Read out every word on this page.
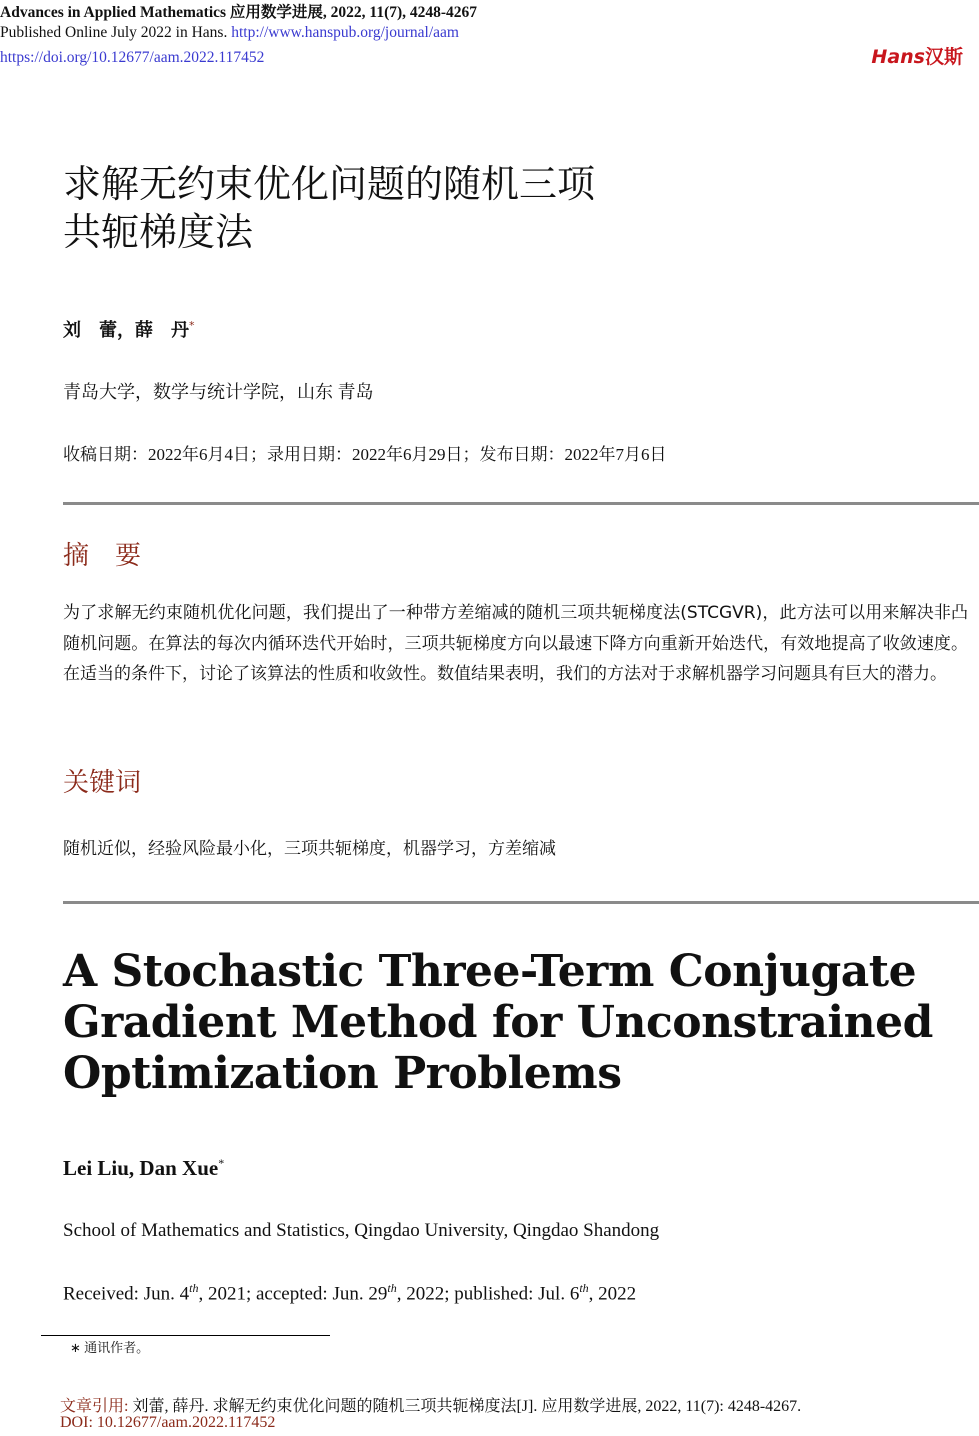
Advances in Applied Mathematics 应用数学进展, 2022, 11(7), 4248-4267
Published Online July 2022 in Hans. http://www.hanspub.org/journal/aam
https://doi.org/10.12677/aam.2022.117452	Hans汉斯
求解无约束优化问题的随机三项
共轭梯度法
刘　蕾，薛　丹*
青岛大学，数学与统计学院，山东 青岛
收稿日期：2022年6月4日；录用日期：2022年6月29日；发布日期：2022年7月6日
摘　要
为了求解无约束随机优化问题，我们提出了一种带方差缩减的随机三项共轭梯度法(STCGVR)，此方法可以用来解决非凸随机问题。在算法的每次内循环迭代开始时，三项共轭梯度方向以最速下降方向重新开始迭代，有效地提高了收敛速度。在适当的条件下，讨论了该算法的性质和收敛性。数值结果表明，我们的方法对于求解机器学习问题具有巨大的潜力。
关键词
随机近似，经验风险最小化，三项共轭梯度，机器学习，方差缩减
A Stochastic Three-Term Conjugate
Gradient Method for Unconstrained
Optimization Problems
Lei Liu, Dan Xue*
School of Mathematics and Statistics, Qingdao University, Qingdao Shandong
Received: Jun. 4th, 2021; accepted: Jun. 29th, 2022; published: Jul. 6th, 2022
∗ 通讯作者。
文章引用: 刘蕾, 薛丹. 求解无约束优化问题的随机三项共轭梯度法[J]. 应用数学进展, 2022, 11(7): 4248-4267.
DOI: 10.12677/aam.2022.117452
